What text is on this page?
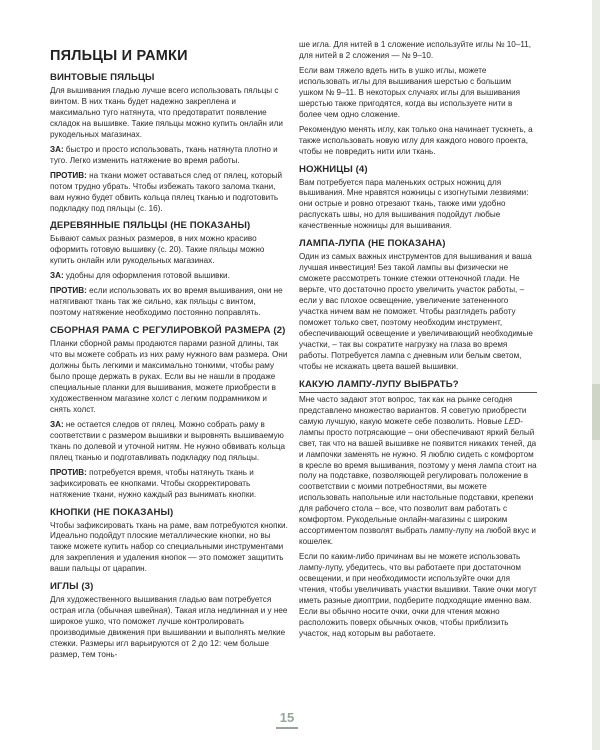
ПЯЛЬЦЫ И РАМКИ
ВИНТОВЫЕ ПЯЛЬЦЫ

Для вышивания гладью лучше всего использовать пяльцы с винтом. В них ткань будет надежно закреплена и максимально туго натянута, что предотвратит появление складок на вышивке. Такие пяльцы можно купить онлайн или рукодельных магазинах.

ЗА: быстро и просто использовать, ткань натянута плотно и туго. Легко изменить натяжение во время работы.

ПРОТИВ: на ткани может оставаться след от пялец, который потом трудно убрать. Чтобы избежать такого залома ткани, вам нужно будет обвить кольца пялец тканью и подготовить подкладку под пяльцы (с. 16).

ДЕРЕВЯННЫЕ ПЯЛЬЦЫ (НЕ ПОКАЗАНЫ)

Бывают самых разных размеров, в них можно красиво оформить готовую вышивку (с. 20). Такие пяльцы можно купить онлайн или рукодельных магазинах.

ЗА: удобны для оформления готовой вышивки.

ПРОТИВ: если использовать их во время вышивания, они не натягивают ткань так же сильно, как пяльцы с винтом, поэтому натяжение необходимо постоянно поправлять.

СБОРНАЯ РАМА С РЕГУЛИРОВКОЙ РАЗМЕРА (2)

Планки сборной рамы продаются парами разной длины, так что вы можете собрать из них раму нужного вам размера. Они должны быть легкими и максимально тонкими, чтобы раму было проще держать в руках. Если вы не нашли в продаже специальные планки для вышивания, можете приобрести в художественном магазине холст с легким подрамником и снять холст.

ЗА: не остается следов от пялец. Можно собрать раму в соответствии с размером вышивки и выровнять вышиваемую ткань по долевой и уточной нитям. Не нужно обвивать кольца пялец тканью и подготавливать подкладку под пяльцы.

ПРОТИВ: потребуется время, чтобы натянуть ткань и зафиксировать ее кнопками. Чтобы скорректировать натяжение ткани, нужно каждый раз вынимать кнопки.

КНОПКИ (НЕ ПОКАЗАНЫ)

Чтобы зафиксировать ткань на раме, вам потребуются кнопки. Идеально подойдут плоские металлические кнопки, но вы также можете купить набор со специальными инструментами для закрепления и удаления кнопок — это поможет защитить ваши пальцы от царапин.

ИГЛЫ (3)

Для художественного вышивания гладью вам потребуется острая игла (обычная швейная). Такая игла недлинная и у нее широкое ушко, что поможет лучше контролировать производимые движения при вышивании и выполнять мелкие стежки. Размеры игл варьируются от 2 до 12: чем больше размер, тем тонь-

ше игла. Для нитей в 1 сложение используйте иглы № 10–11, для нитей в 2 сложения — № 9–10.

Если вам тяжело вдеть нить в ушко иглы, можете использовать иглы для вышивания шерстью с большим ушком № 9–11. В некоторых случаях иглы для вышивания шерстью также пригодятся, когда вы используете нити в более чем одно сложение.

Рекомендую менять иглу, как только она начинает тускнеть, а также использовать новую иглу для каждого нового проекта, чтобы не повредить нити или ткань.

НОЖНИЦЫ (4)

Вам потребуется пара маленьких острых ножниц для вышивания. Мне нравятся ножницы с изогнутыми лезвиями: они острые и ровно отрезают ткань, также ими удобно распускать швы, но для вышивания подойдут любые качественные ножницы для вышивания.

ЛАМПА-ЛУПА (НЕ ПОКАЗАНА)

Один из самых важных инструментов для вышивания и ваша лучшая инвестиция! Без такой лампы вы физически не сможете рассмотреть тонкие стежки оттеночной глади. Не верьте, что достаточно просто увеличить участок работы, – если у вас плохое освещение, увеличение затененного участка ничем вам не поможет. Чтобы разглядеть работу поможет только свет, поэтому необходим инструмент, обеспечивающий освещение и увеличивающий необходимые участки, – так вы сократите нагрузку на глаза во время работы. Потребуется лампа с дневным или белым светом, чтобы не искажать цвета вашей вышивки.

КАКУЮ ЛАМПУ-ЛУПУ ВЫБРАТЬ?

Мне часто задают этот вопрос, так как на рынке сегодня представлено множество вариантов. Я советую приобрести самую лучшую, какую можете себе позволить. Новые LED-лампы просто потрясающие – они обеспечивают яркий белый свет, так что на вашей вышивке не появится никаких теней, да и лампочки заменять не нужно. Я люблю сидеть с комфортом в кресле во время вышивания, поэтому у меня лампа стоит на полу на подставке, позволяющей регулировать положение в соответствии с моими потребностями, вы можете использовать напольные или настольные подставки, крепежи для рабочего стола – все, что позволит вам работать с комфортом. Рукодельные онлайн-магазины с широким ассортиментом позволят выбрать лампу-лупу на любой вкус и кошелек.

Если по каким-либо причинам вы не можете использовать лампу-лупу, убедитесь, что вы работаете при достаточном освещении, и при необходимости используйте очки для чтения, чтобы увеличивать участки вышивки. Такие очки могут иметь разные диоптрии, подберите подходящие именно вам. Если вы обычно носите очки, очки для чтения можно расположить поверх обычных очков, чтобы приблизить участок, над которым вы работаете.

15
